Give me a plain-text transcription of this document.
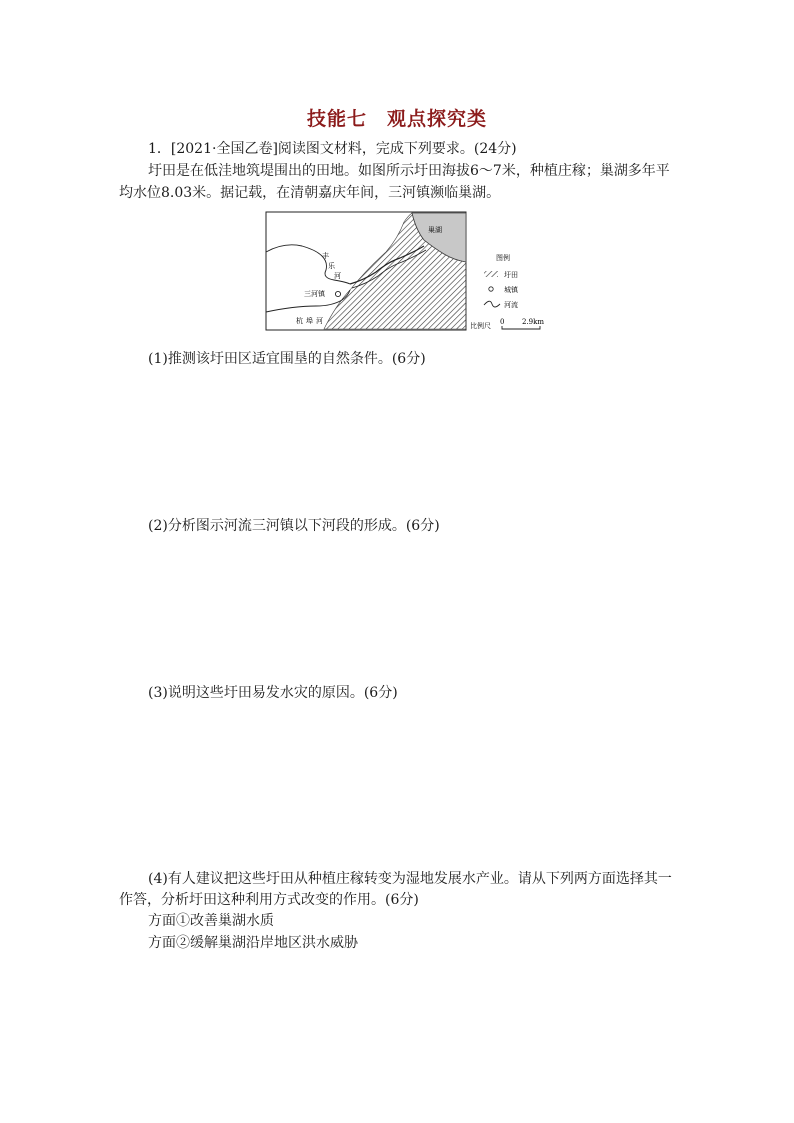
技能七　观点探究类
1．[2021·全国乙卷]阅读图文材料，完成下列要求。(24分)
圩田是在低洼地筑堤围出的田地。如图所示圩田海拔6～7米，种植庄稼；巢湖多年平
均水位8.03米。据记载，在清朝嘉庆年间，三河镇濒临巢湖。
巢湖
丰
乐
河
三河镇
杭埠河
图例
圩田
城镇
河流
比例尺 0	2.9km
(1)推测该圩田区适宜围垦的自然条件。(6分)
(2)分析图示河流三河镇以下河段的形成。(6分)
(3)说明这些圩田易发水灾的原因。(6分)
(4)有人建议把这些圩田从种植庄稼转变为湿地发展水产业。请从下列两方面选择其一
作答，分析圩田这种利用方式改变的作用。(6分)
方面①改善巢湖水质
方面②缓解巢湖沿岸地区洪水威胁
